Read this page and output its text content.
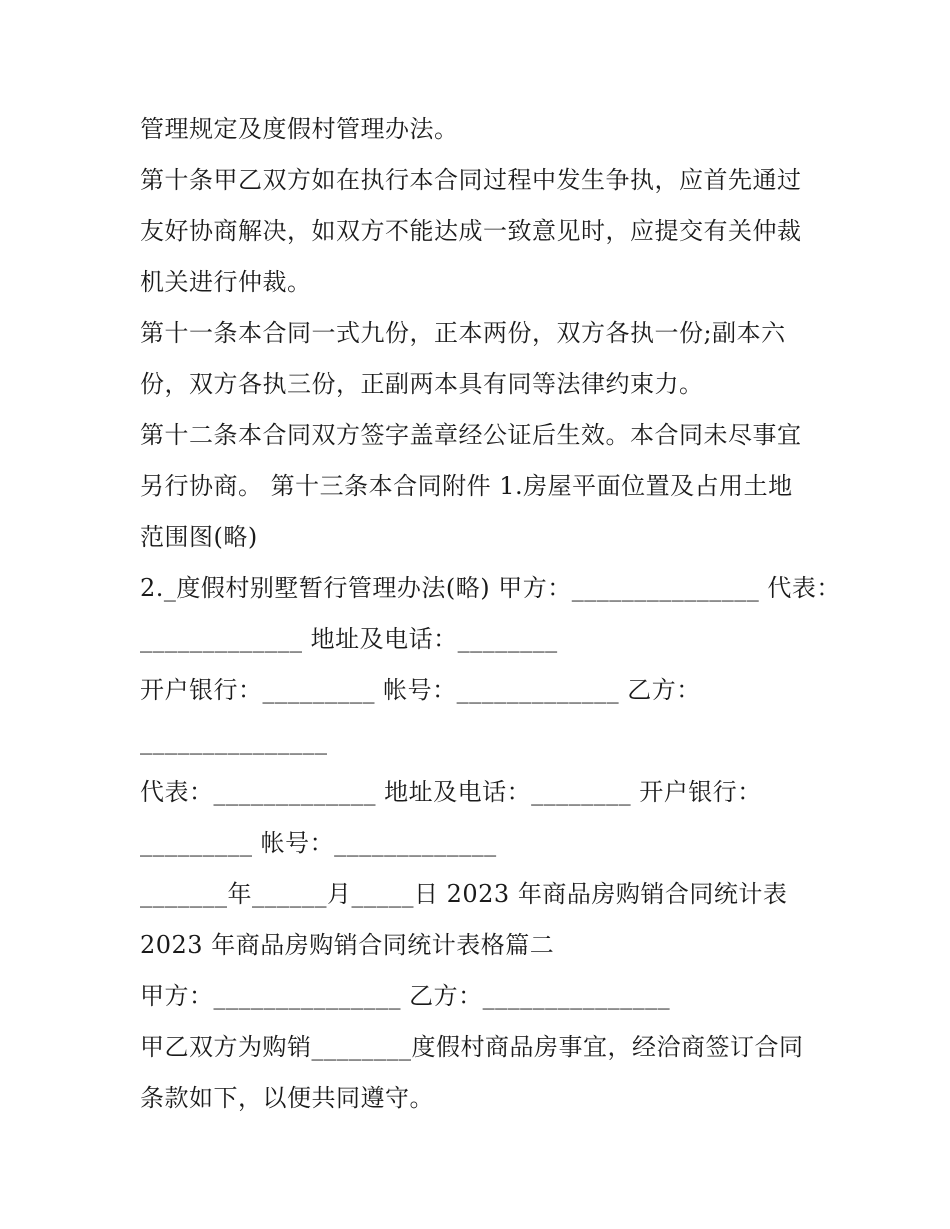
管理规定及度假村管理办法。
第十条甲乙双方如在执行本合同过程中发生争执，应首先通过
友好协商解决，如双方不能达成一致意见时，应提交有关仲裁
机关进行仲裁。
第十一条本合同一式九份，正本两份，双方各执一份;副本六
份，双方各执三份，正副两本具有同等法律约束力。
第十二条本合同双方签字盖章经公证后生效。本合同未尽事宜
另行协商。 第十三条本合同附件 1.房屋平面位置及占用土地
范围图(略)
2._度假村别墅暂行管理办法(略) 甲方：_______________ 代表：
_____________ 地址及电话：________
开户银行：_________ 帐号：_____________ 乙方：
_______________
代表：_____________ 地址及电话：________ 开户银行：
_________ 帐号：_____________
_______年______月_____日 2023 年商品房购销合同统计表
2023 年商品房购销合同统计表格篇二
甲方：_______________ 乙方：_______________
甲乙双方为购销________度假村商品房事宜，经洽商签订合同
条款如下，以便共同遵守。
